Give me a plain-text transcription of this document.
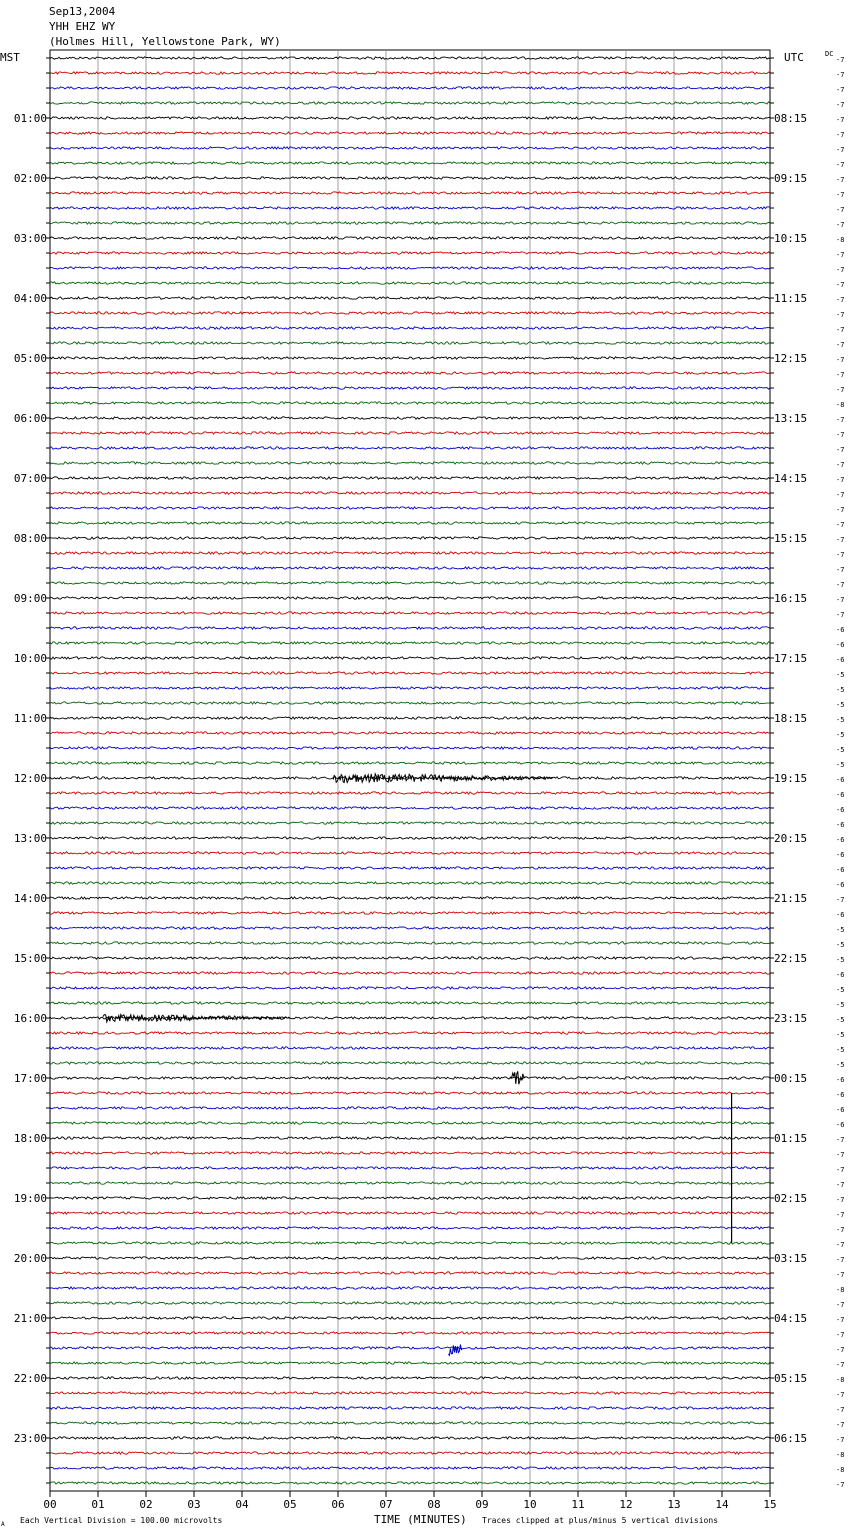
Sep13,2004
YHH EHZ WY
(Holmes Hill, Yellowstone Park, WY)
00	01	02	03	04	05	06	07	08	09	10	11	12	13	14	15
-7
-7
-7
-7
-7
-7
-7
-7
-7
-7
-7
-7
-8
-7
-7
-7
-7
-7
-7
-7
-7
-7
-7
-8
-7
-7
-7
-7
-7
-7
-7
-7
-7
-7
-7
-7
-7
-7
-6
-6
-6
-5
-5
-5
-5
-5
-5
-5
-6
-6
-6
-6
-6
-6
-6
-6
-7
-6
-5
-5
-5
-6
-5
-5
-5
-5
-5
-5
-6
-6
-6
-6
-7
-7
-7
-7
-7
-7
-7
-7
-7
-7
-8
-7
-7
-7
-7
-7
-8
-7
-7
-7
-7
-8
-8
-7
01:00
02:00
03:00
04:00
05:00
06:00
07:00
08:00
09:00
10:00
11:00
12:00
13:00
14:00
15:00
16:00
17:00
18:00
19:00
20:00
21:00
22:00
23:00
08:15
09:15
10:15
11:15
12:15
13:15
14:15
15:15
16:15
17:15
18:15
19:15
20:15
21:15
22:15
23:15
00:15
01:15
02:15
03:15
04:15
05:15
06:15
MST	UTC	DC
TIME (MINUTES)
Each Vertical Division = 100.00 microvolts	Traces clipped at plus/minus 5 vertical divisions
A
